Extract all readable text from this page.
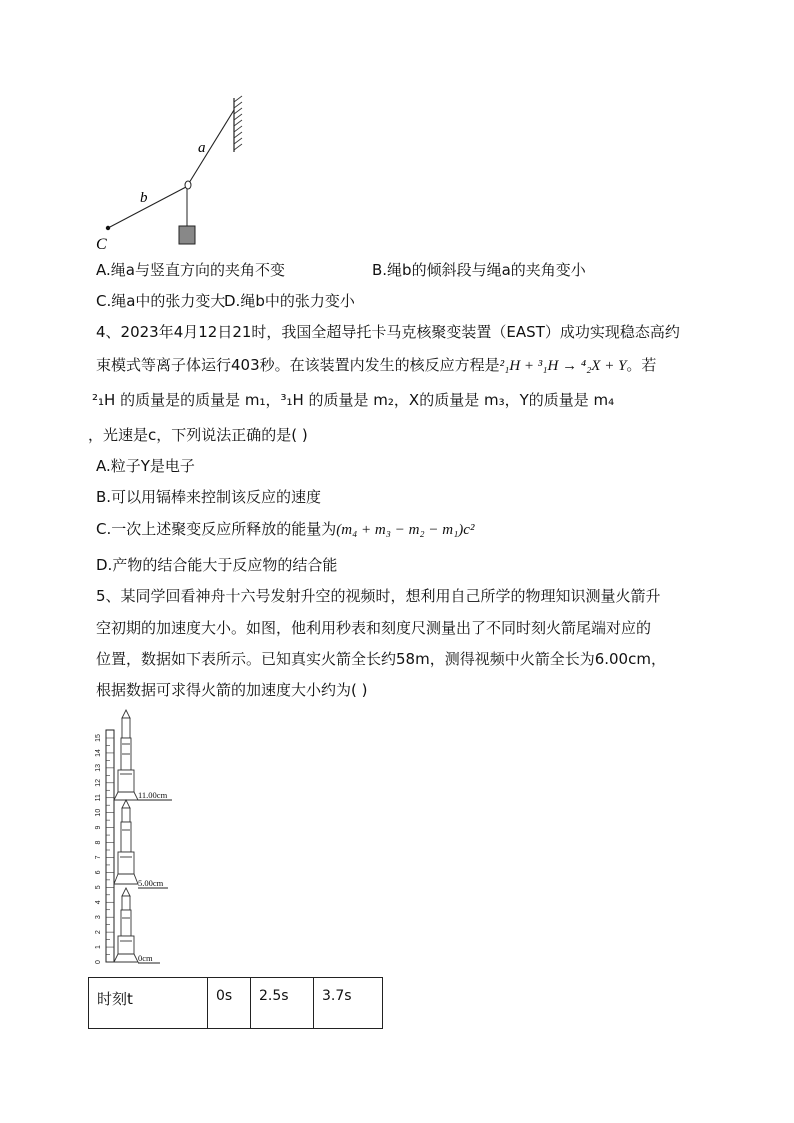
a
b
C
A.绳a与竖直方向的夹角不变	B.绳b的倾斜段与绳a的夹角变小
C.绳a中的张力变大
D.绳b中的张力变小
4、2023年4月12日21时，我国全超导托卡马克核聚变装置（EAST）成功实现稳态高约
束模式等离子体运行403秒。在该装置内发生的核反应方程是²₁H + ³₁H → ⁴₂X + Y。若
²₁H 的质量是的质量是 m₁，³₁H 的质量是 m₂，X的质量是 m₃，Y的质量是 m₄
，光速是c，下列说法正确的是( )
A.粒子Y是电子
B.可以用镉棒来控制该反应的速度
C.一次上述聚变反应所释放的能量为(m₄ + m₃ − m₂ − m₁)c²
D.产物的结合能大于反应物的结合能
5、某同学回看神舟十六号发射升空的视频时，想利用自己所学的物理知识测量火箭升
空初期的加速度大小。如图，他利用秒表和刻度尺测量出了不同时刻火箭尾端对应的
位置，数据如下表所示。已知真实火箭全长约58m，测得视频中火箭全长为6.00cm，
根据数据可求得火箭的加速度大小约为( )
0
1
2
3
4
5
6
7
8
9
10
11
12
13
14
15
11.00cm
5.00cm
0cm
时刻t	0s	2.5s	3.7s
